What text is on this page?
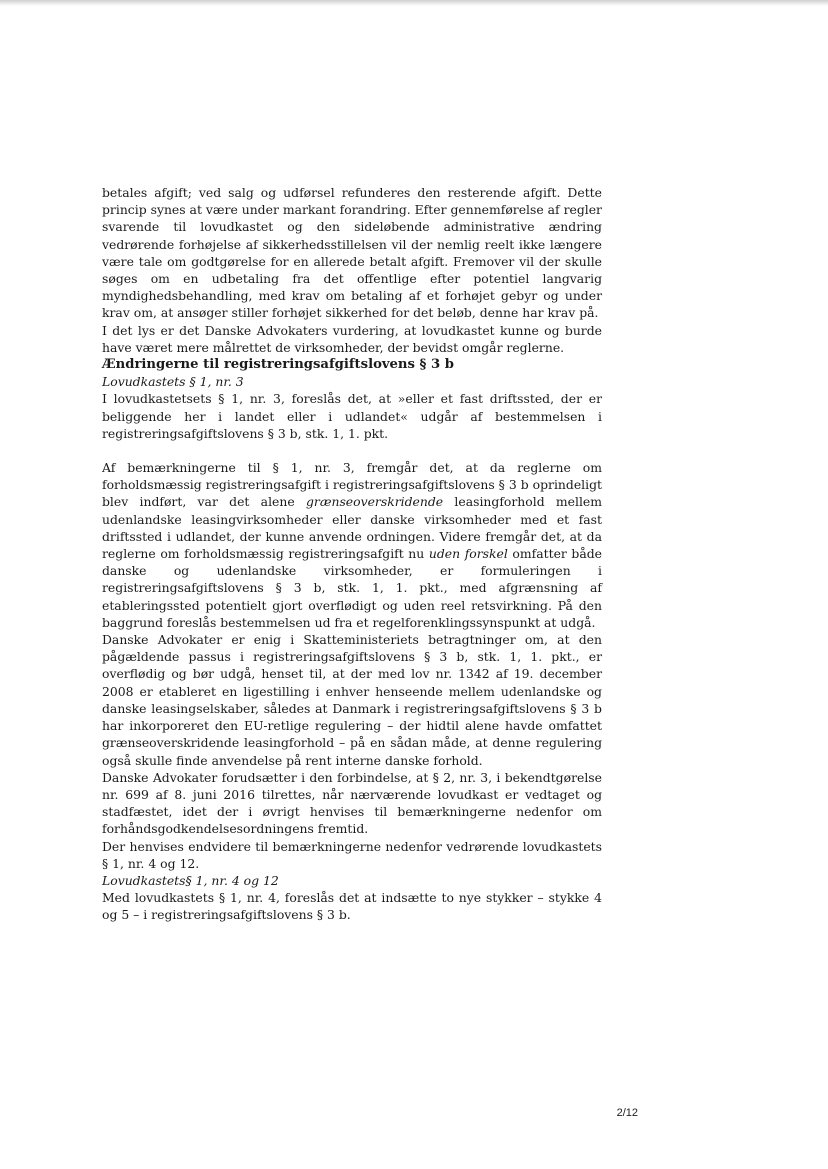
betales afgift; ved salg og udførsel refunderes den resterende afgift. Dette princip synes at være under markant forandring. Efter gennemførelse af regler svarende til lovudkastet og den sideløbende administrative ændring vedrørende forhøjelse af sikkerhedsstillelsen vil der nemlig reelt ikke længere være tale om godtgørelse for en allerede betalt afgift. Fremover vil der skulle søges om en udbetaling fra det offentlige efter potentiel langvarig myndighedsbehandling, med krav om betaling af et forhøjet gebyr og under krav om, at ansøger stiller forhøjet sikkerhed for det beløb, denne har krav på.

I det lys er det Danske Advokaters vurdering, at lovudkastet kunne og burde have været mere målrettet de virksomheder, der bevidst omgår reglerne.

Ændringerne til registreringsafgiftslovens § 3 b

Lovudkastets § 1, nr. 3

I lovudkastetsets § 1, nr. 3, foreslås det, at »eller et fast driftssted, der er beliggende her i landet eller i udlandet« udgår af bestemmelsen i registreringsafgiftslovens § 3 b, stk. 1, 1. pkt.

Af bemærkningerne til § 1, nr. 3, fremgår det, at da reglerne om forholdsmæssig registreringsafgift i registreringsafgiftslovens § 3 b oprindeligt blev indført, var det alene grænseoverskridende leasingforhold mellem udenlandske leasingvirksomheder eller danske virksomheder med et fast driftssted i udlandet, der kunne anvende ordningen. Videre fremgår det, at da reglerne om forholdsmæssig registreringsafgift nu uden forskel omfatter både danske og udenlandske virksomheder, er formuleringen i registreringsafgiftslovens § 3 b, stk. 1, 1. pkt., med afgrænsning af etableringssted potentielt gjort overflødigt og uden reel retsvirkning. På den baggrund foreslås bestemmelsen ud fra et regelforenklingssynspunkt at udgå.

Danske Advokater er enig i Skatteministeriets betragtninger om, at den pågældende passus i registreringsafgiftslovens § 3 b, stk. 1, 1. pkt., er overflødig og bør udgå, henset til, at der med lov nr. 1342 af 19. december 2008 er etableret en ligestilling i enhver henseende mellem udenlandske og danske leasingselskaber, således at Danmark i registreringsafgiftslovens § 3 b har inkorporeret den EU-retlige regulering – der hidtil alene havde omfattet grænseoverskridende leasingforhold – på en sådan måde, at denne regulering også skulle finde anvendelse på rent interne danske forhold.

Danske Advokater forudsætter i den forbindelse, at § 2, nr. 3, i bekendtgørelse nr. 699 af 8. juni 2016 tilrettes, når nærværende lovudkast er vedtaget og stadfæstet, idet der i øvrigt henvises til bemærkningerne nedenfor om forhåndsgodkendelsesordningens fremtid.

Der henvises endvidere til bemærkningerne nedenfor vedrørende lovudkastets § 1, nr. 4 og 12.

Lovudkastets§ 1, nr. 4 og 12

Med lovudkastets § 1, nr. 4, foreslås det at indsætte to nye stykker – stykke 4 og 5 – i registreringsafgiftslovens § 3 b.

2/12
